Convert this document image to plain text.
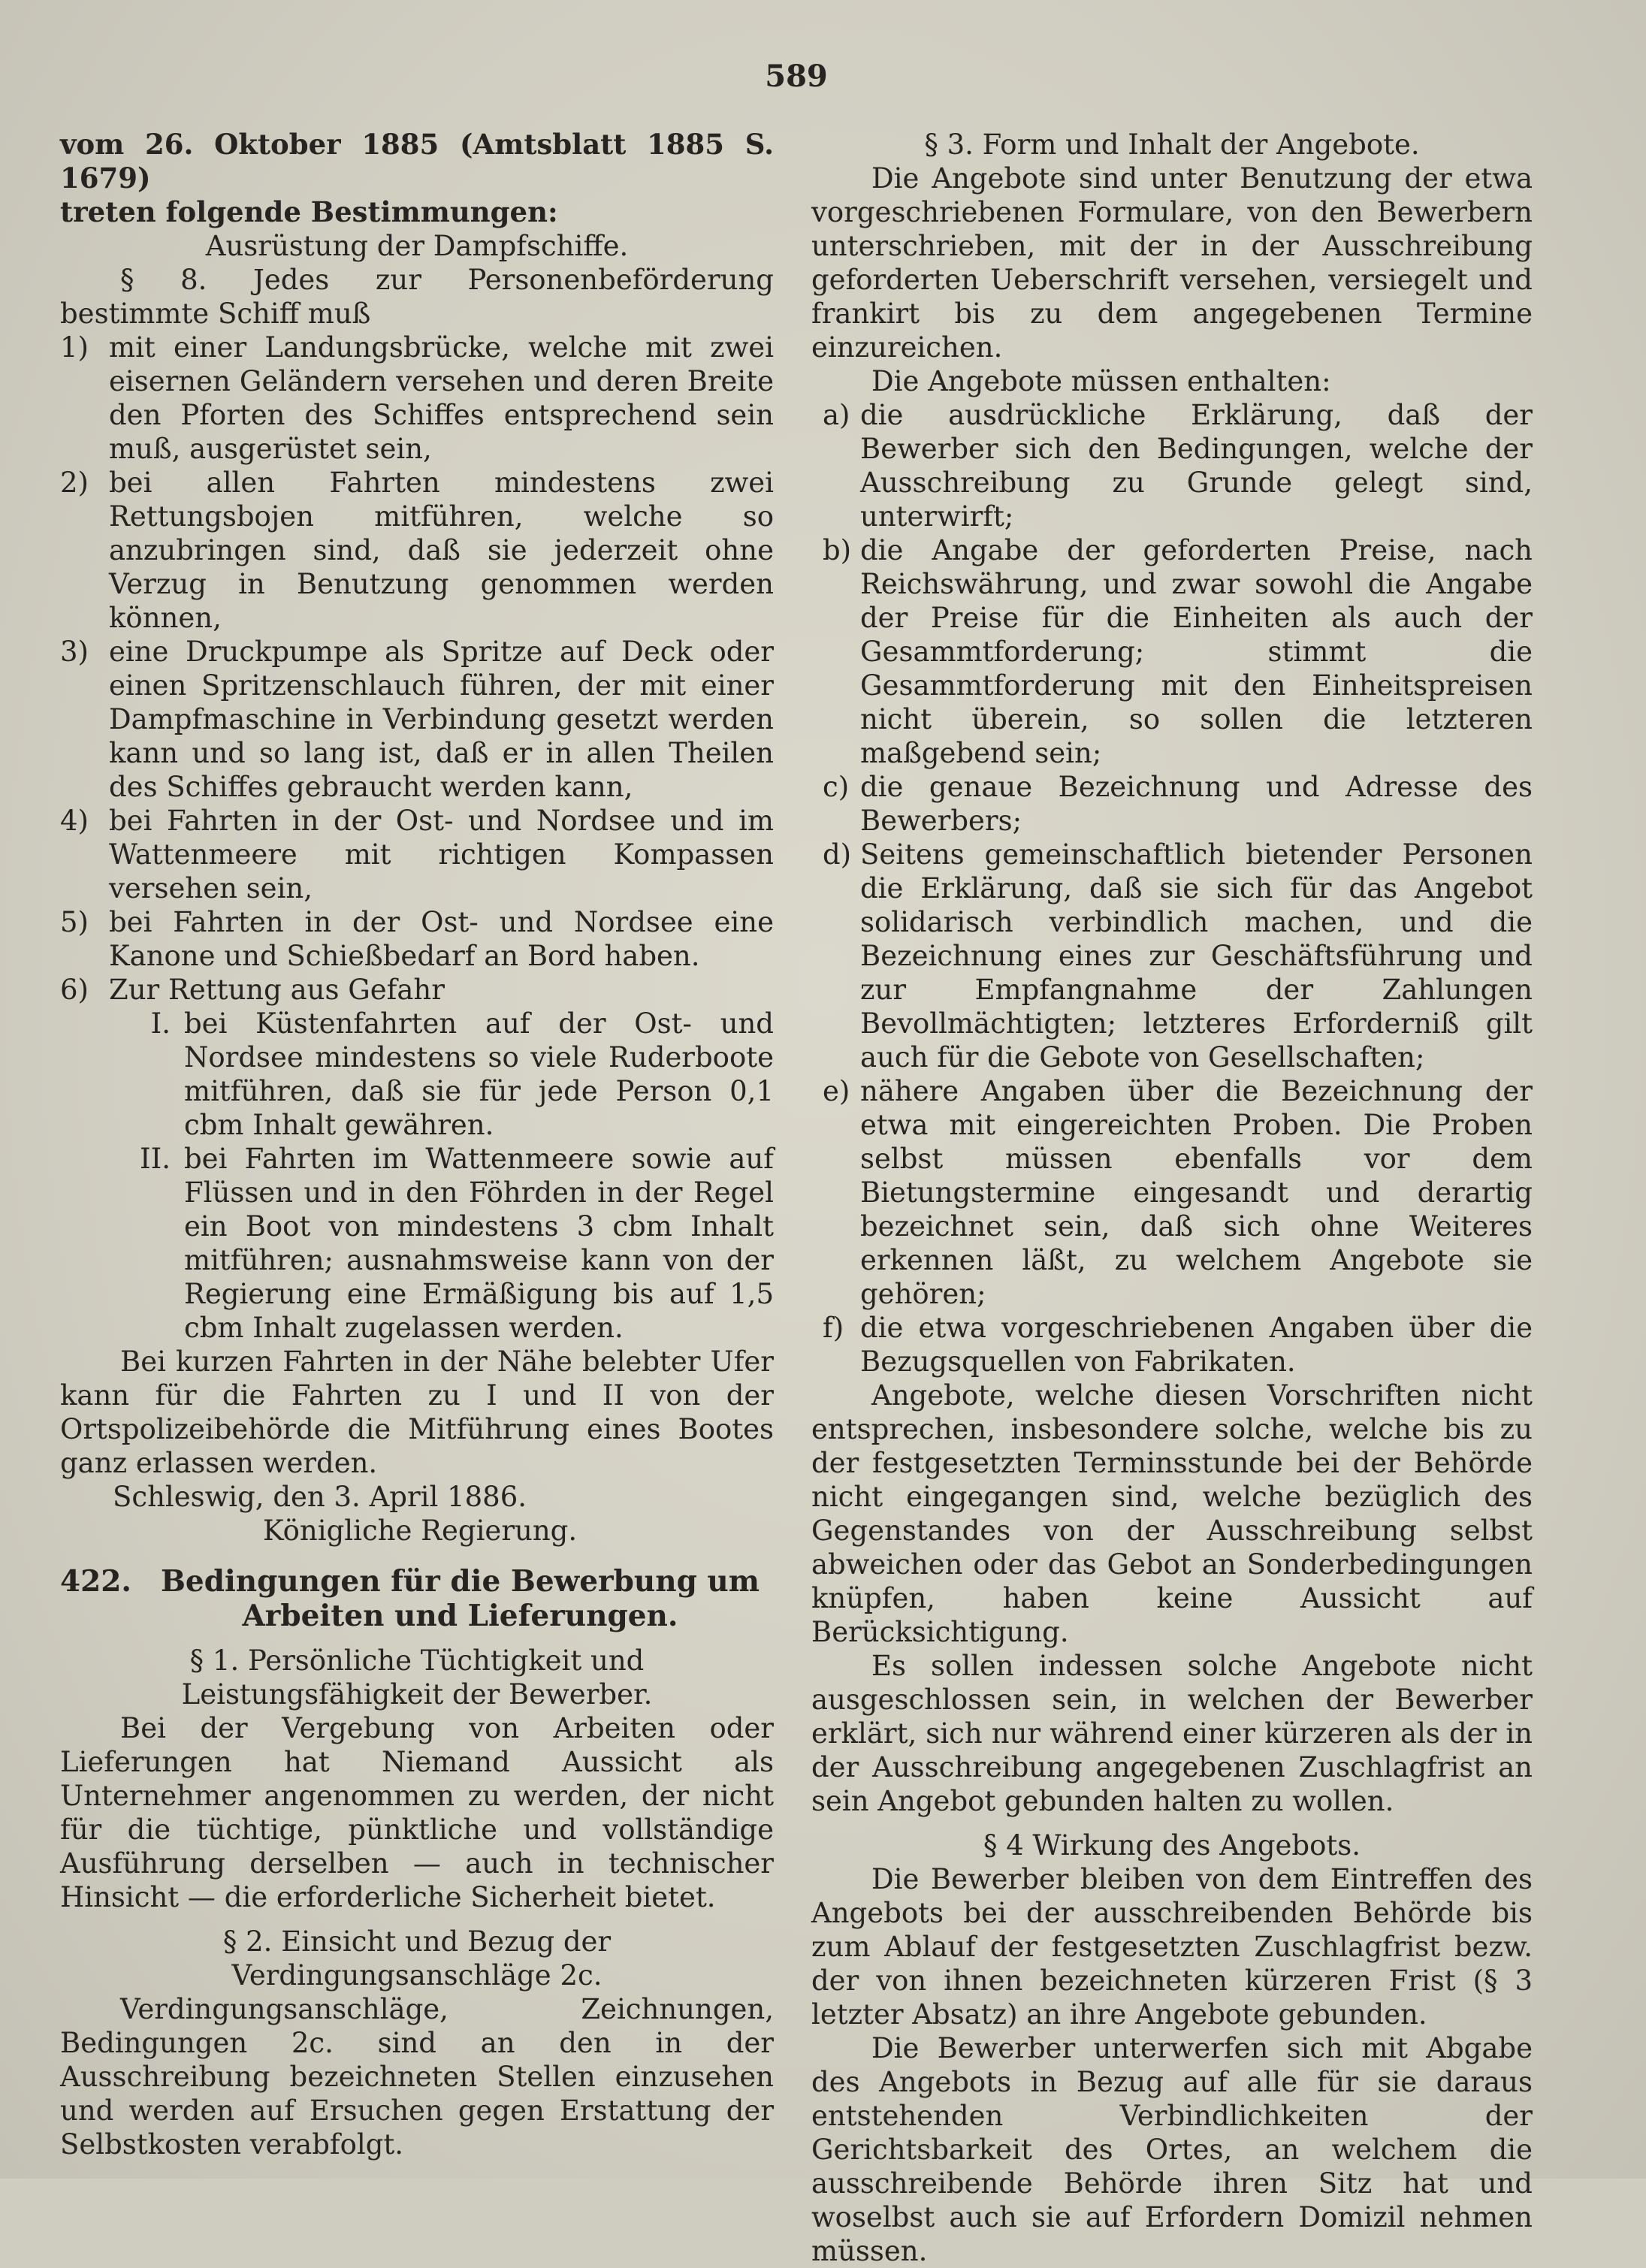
589

vom 26. Oktober 1885 (Amtsblatt 1885 S. 1679)

treten folgende Bestimmungen:

Ausrüstung der Dampfschiffe.

§ 8. Jedes zur Personenbeförderung bestimmte Schiff muß

1) mit einer Landungsbrücke, welche mit zwei eisernen Geländern versehen und deren Breite den Pforten des Schiffes entsprechend sein muß, ausgerüstet sein,
2) bei allen Fahrten mindestens zwei Rettungsbojen mitführen, welche so anzubringen sind, daß sie jederzeit ohne Verzug in Benutzung genommen werden können,
3) eine Druckpumpe als Spritze auf Deck oder einen Spritzenschlauch führen, der mit einer Dampfmaschine in Verbindung gesetzt werden kann und so lang ist, daß er in allen Theilen des Schiffes gebraucht werden kann,
4) bei Fahrten in der Ost- und Nordsee und im Wattenmeere mit richtigen Kompassen versehen sein,
5) bei Fahrten in der Ost- und Nordsee eine Kanone und Schießbedarf an Bord haben.
6) Zur Rettung aus Gefahr
I. bei Küstenfahrten auf der Ost- und Nordsee mindestens so viele Ruderboote mitführen, daß sie für jede Person 0,1 cbm Inhalt gewähren.
II. bei Fahrten im Wattenmeere sowie auf Flüssen und in den Föhrden in der Regel ein Boot von mindestens 3 cbm Inhalt mitführen; ausnahmsweise kann von der Regierung eine Ermäßigung bis auf 1,5 cbm Inhalt zugelassen werden.

Bei kurzen Fahrten in der Nähe belebter Ufer kann für die Fahrten zu I und II von der Ortspolizeibehörde die Mitführung eines Bootes ganz erlassen werden.

Schleswig, den 3. April 1886.

Königliche Regierung.

422. Bedingungen für die Bewerbung um Arbeiten und Lieferungen.

§ 1. Persönliche Tüchtigkeit und Leistungsfähigkeit der Bewerber.

Bei der Vergebung von Arbeiten oder Lieferungen hat Niemand Aussicht als Unternehmer angenommen zu werden, der nicht für die tüchtige, pünktliche und vollständige Ausführung derselben — auch in technischer Hinsicht — die erforderliche Sicherheit bietet.

§ 2. Einsicht und Bezug der Verdingungsanschläge 2c.

Verdingungsanschläge, Zeichnungen, Bedingungen 2c. sind an den in der Ausschreibung bezeichneten Stellen einzusehen und werden auf Ersuchen gegen Erstattung der Selbstkosten verabfolgt.

§ 3. Form und Inhalt der Angebote.

Die Angebote sind unter Benutzung der etwa vorgeschriebenen Formulare, von den Bewerbern unterschrieben, mit der in der Ausschreibung geforderten Ueberschrift versehen, versiegelt und frankirt bis zu dem angegebenen Termine einzureichen.

Die Angebote müssen enthalten:

a) die ausdrückliche Erklärung, daß der Bewerber sich den Bedingungen, welche der Ausschreibung zu Grunde gelegt sind, unterwirft;
b) die Angabe der geforderten Preise, nach Reichswährung, und zwar sowohl die Angabe der Preise für die Einheiten als auch der Gesammtforderung; stimmt die Gesammtforderung mit den Einheitspreisen nicht überein, so sollen die letzteren maßgebend sein;
c) die genaue Bezeichnung und Adresse des Bewerbers;
d) Seitens gemeinschaftlich bietender Personen die Erklärung, daß sie sich für das Angebot solidarisch verbindlich machen, und die Bezeichnung eines zur Geschäftsführung und zur Empfangnahme der Zahlungen Bevollmächtigten; letzteres Erforderniß gilt auch für die Gebote von Gesellschaften;
e) nähere Angaben über die Bezeichnung der etwa mit eingereichten Proben. Die Proben selbst müssen ebenfalls vor dem Bietungstermine eingesandt und derartig bezeichnet sein, daß sich ohne Weiteres erkennen läßt, zu welchem Angebote sie gehören;
f) die etwa vorgeschriebenen Angaben über die Bezugsquellen von Fabrikaten.

Angebote, welche diesen Vorschriften nicht entsprechen, insbesondere solche, welche bis zu der festgesetzten Terminsstunde bei der Behörde nicht eingegangen sind, welche bezüglich des Gegenstandes von der Ausschreibung selbst abweichen oder das Gebot an Sonderbedingungen knüpfen, haben keine Aussicht auf Berücksichtigung.

Es sollen indessen solche Angebote nicht ausgeschlossen sein, in welchen der Bewerber erklärt, sich nur während einer kürzeren als der in der Ausschreibung angegebenen Zuschlagfrist an sein Angebot gebunden halten zu wollen.

§ 4 Wirkung des Angebots.

Die Bewerber bleiben von dem Eintreffen des Angebots bei der ausschreibenden Behörde bis zum Ablauf der festgesetzten Zuschlagfrist bezw. der von ihnen bezeichneten kürzeren Frist (§ 3 letzter Absatz) an ihre Angebote gebunden.

Die Bewerber unterwerfen sich mit Abgabe des Angebots in Bezug auf alle für sie daraus entstehenden Verbindlichkeiten der Gerichtsbarkeit des Ortes, an welchem die ausschreibende Behörde ihren Sitz hat und woselbst auch sie auf Erfordern Domizil nehmen müssen.
